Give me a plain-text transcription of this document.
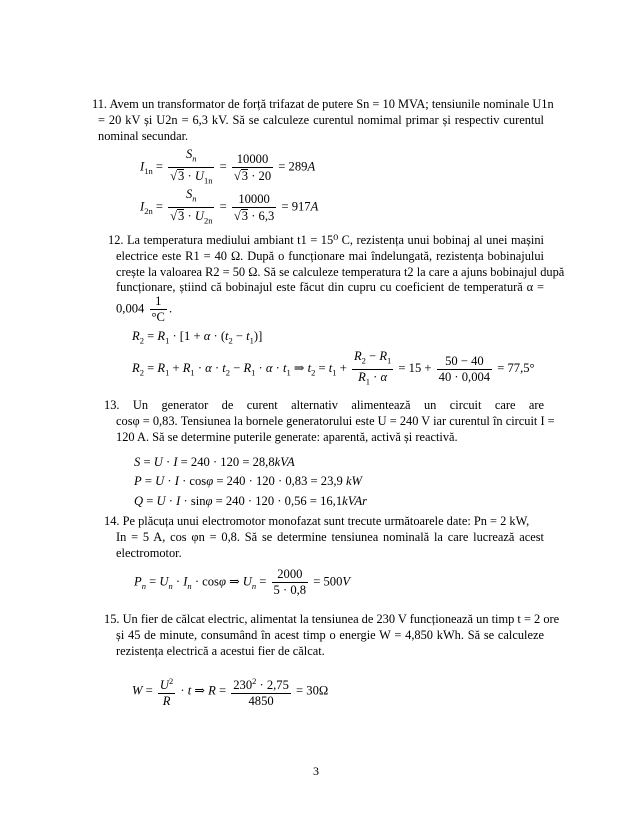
11. Avem un transformator de forță trifazat de putere Sn = 10 MVA; tensiunile nominale U1n
= 20 kV și U2n = 6,3 kV. Să se calculeze curentul nomimal primar și respectiv curentul
nominal secundar.
$I_{1n} = \frac{S_n}{√3 \cdot U_{1n}} = \frac{10000}{√3 \cdot 20} = 289A$
$I_{2n} = \frac{S_n}{√3 \cdot U_{2n}} = \frac{10000}{√3 \cdot 6,3} = 917A$
12. La temperatura mediului ambiant t1 = 15⁰ C, rezistența unui bobinaj al unei mașini
electrice este R1 = 40 Ω. După o funcționare mai îndelungată, rezistența bobinajului
crește la valoarea R2 = 50 Ω. Să se calculeze temperatura t2 la care a ajuns bobinajul după
funcționare, știind că bobinajul este făcut din cupru cu coeficient de temperatură α =
$0,004 \frac{1}{^\circ C}$ .
$R_2 = R_1 \cdot [1 + \alpha \cdot (t_2 - t_1)]$
$R_2 = R_1 + R_1 \cdot \alpha \cdot t_2 - R_1 \cdot \alpha \cdot t_1$ ⇒ $t_2 = t_1 + \frac{R_2 - R_1}{R_1 \cdot \alpha} = 15 + \frac{50 - 40}{40 \cdot 0,004} = 77,5^\circ$
13. Un generator de curent alternativ alimentează un circuit care are
cosφ = 0,83. Tensiunea la bornele generatorului este U = 240 V iar curentul în circuit I =
120 A. Să se determine puterile generate: aparentă, activă și reactivă.
S = U · I = 240 · 120 = 28,8kVA
P = U · I · cosφ = 240 · 120 · 0,83 = 23,9 kW
Q = U · I · sinφ = 240 · 120 · 0,56 = 16,1kVAr
14. Pe plăcuța unui electromotor monofazat sunt trecute următoarele date: Pn = 2 kW,
In = 5 A, cos φn = 0,8. Să se determine tensiunea nominală la care lucrează acest
electromotor.
$P_n = U_n \cdot I_n \cdot \cos\varphi$ ⇒ $U_n = \frac{2000}{5 \cdot 0,8} = 500V$
15. Un fier de călcat electric, alimentat la tensiunea de 230 V funcționează un timp t = 2 ore
și 45 de minute, consumând în acest timp o energie W = 4,850 kWh. Să se calculeze
rezistența electrică a acestui fier de călcat.
$W = \frac{U^2}{R} \cdot t$ ⇒ $R = \frac{230^2 \cdot 2,75}{4850} = 30\Omega$
3
